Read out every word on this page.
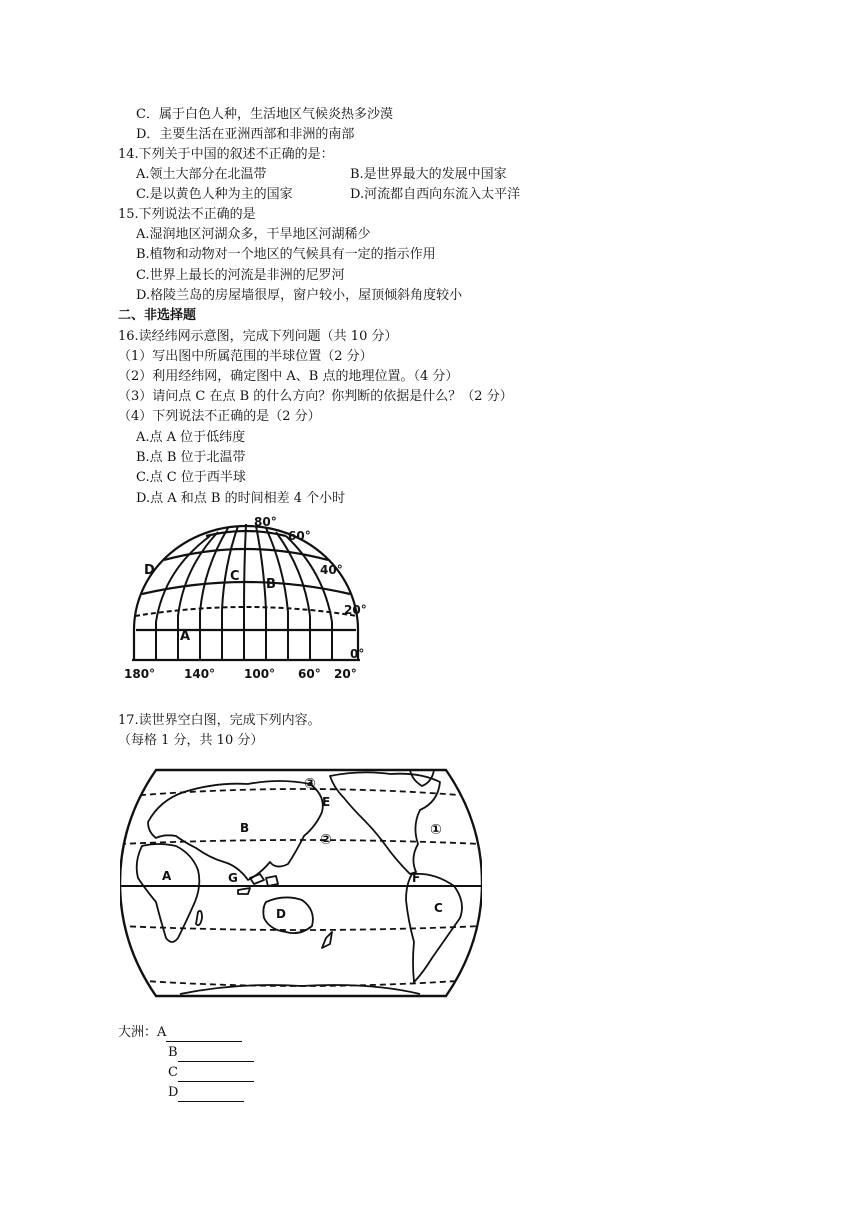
C．属于白色人种，生活地区气候炎热多沙漠
D．主要生活在亚洲西部和非洲的南部
14.下列关于中国的叙述不正确的是：
A.领土大部分在北温带	B.是世界最大的发展中国家
C.是以黄色人种为主的国家	D.河流都自西向东流入太平洋
15.下列说法不正确的是
A.湿润地区河湖众多，干旱地区河湖稀少
B.植物和动物对一个地区的气候具有一定的指示作用
C.世界上最长的河流是非洲的尼罗河
D.格陵兰岛的房屋墙很厚，窗户较小，屋顶倾斜角度较小
二、非选择题
16.读经纬网示意图，完成下列问题（共 10 分）
（1）写出图中所属范围的半球位置（2 分）
（2）利用经纬网，确定图中 A、B 点的地理位置。（4 分）
（3）请问点 C 在点 B 的什么方向？你判断的依据是什么？（2 分）
（4）下列说法不正确的是（2 分）
A.点 A 位于低纬度
B.点 B 位于北温带
C.点 C 位于西半球
D.点 A 和点 B 的时间相差 4 个小时
A
B
C
D
80°
60°
40°
20°
0°
180° 140° 100° 60° 20°
17.读世界空白图，完成下列内容。
（每格 1 分，共 10 分）
A
B
C
D
E
F
G
①
②
③
大洲：A
B
C
D
